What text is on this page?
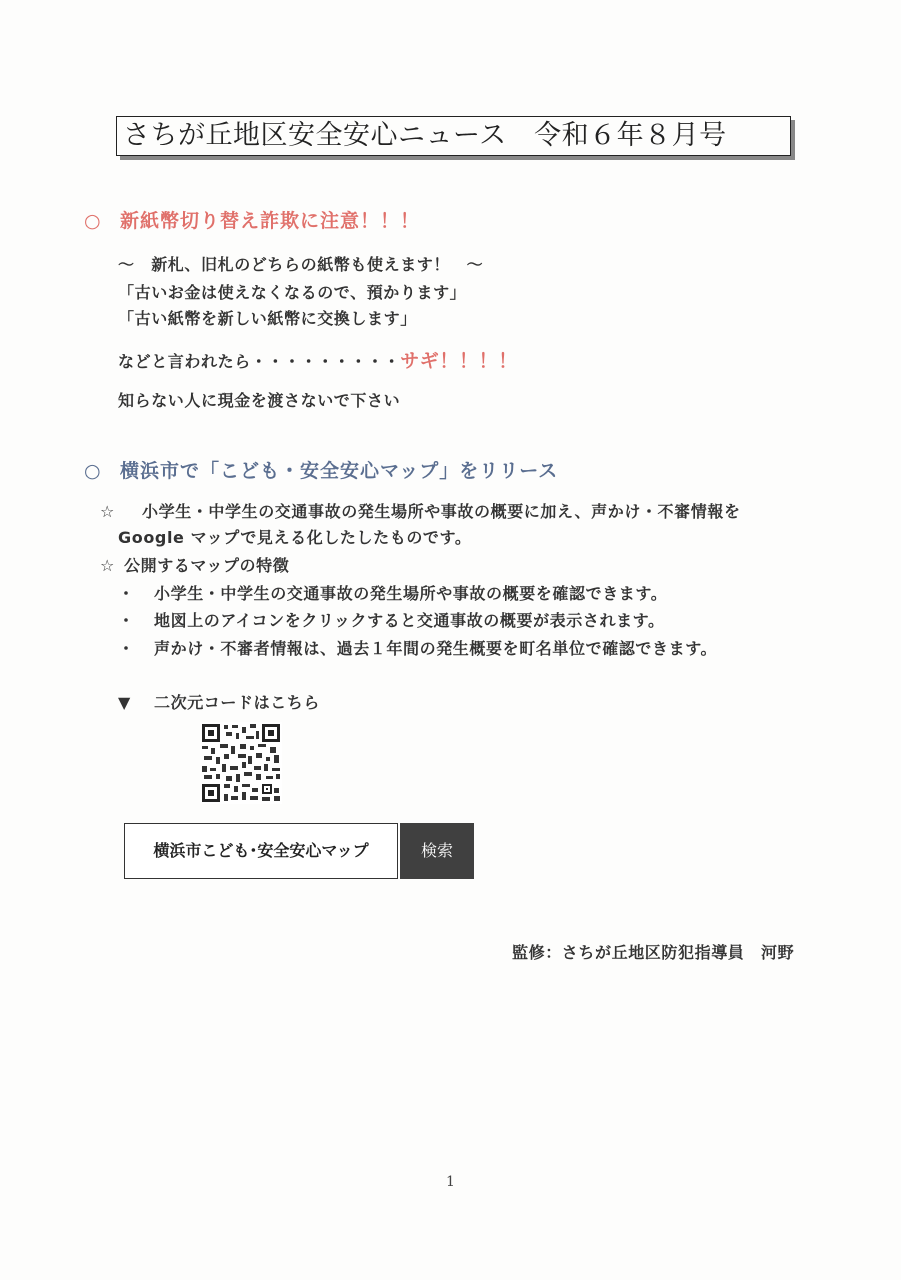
さちが丘地区安全安心ニュース　令和６年８月号
○ 新紙幣切り替え詐欺に注意！！！
～　新札、旧札のどちらの紙幣も使えます！　～
「古いお金は使えなくなるので、預かります」
「古い紙幣を新しい紙幣に交換します」
などと言われたら・・・・・・・・・サギ！！！！
知らない人に現金を渡さないで下さい
○ 横浜市で「こども・安全安心マップ」をリリース
☆ 小学生・中学生の交通事故の発生場所や事故の概要に加え、声かけ・不審情報を
Google マップで見える化したしたものです。
☆ 公開するマップの特徴
・ 小学生・中学生の交通事故の発生場所や事故の概要を確認できます。
・ 地図上のアイコンをクリックすると交通事故の概要が表示されます。
・ 声かけ・不審者情報は、過去１年間の発生概要を町名単位で確認できます。
▼ 二次元コードはこちら
横浜市こども･安全安心マップ	検索
監修：さちが丘地区防犯指導員　河野
1
